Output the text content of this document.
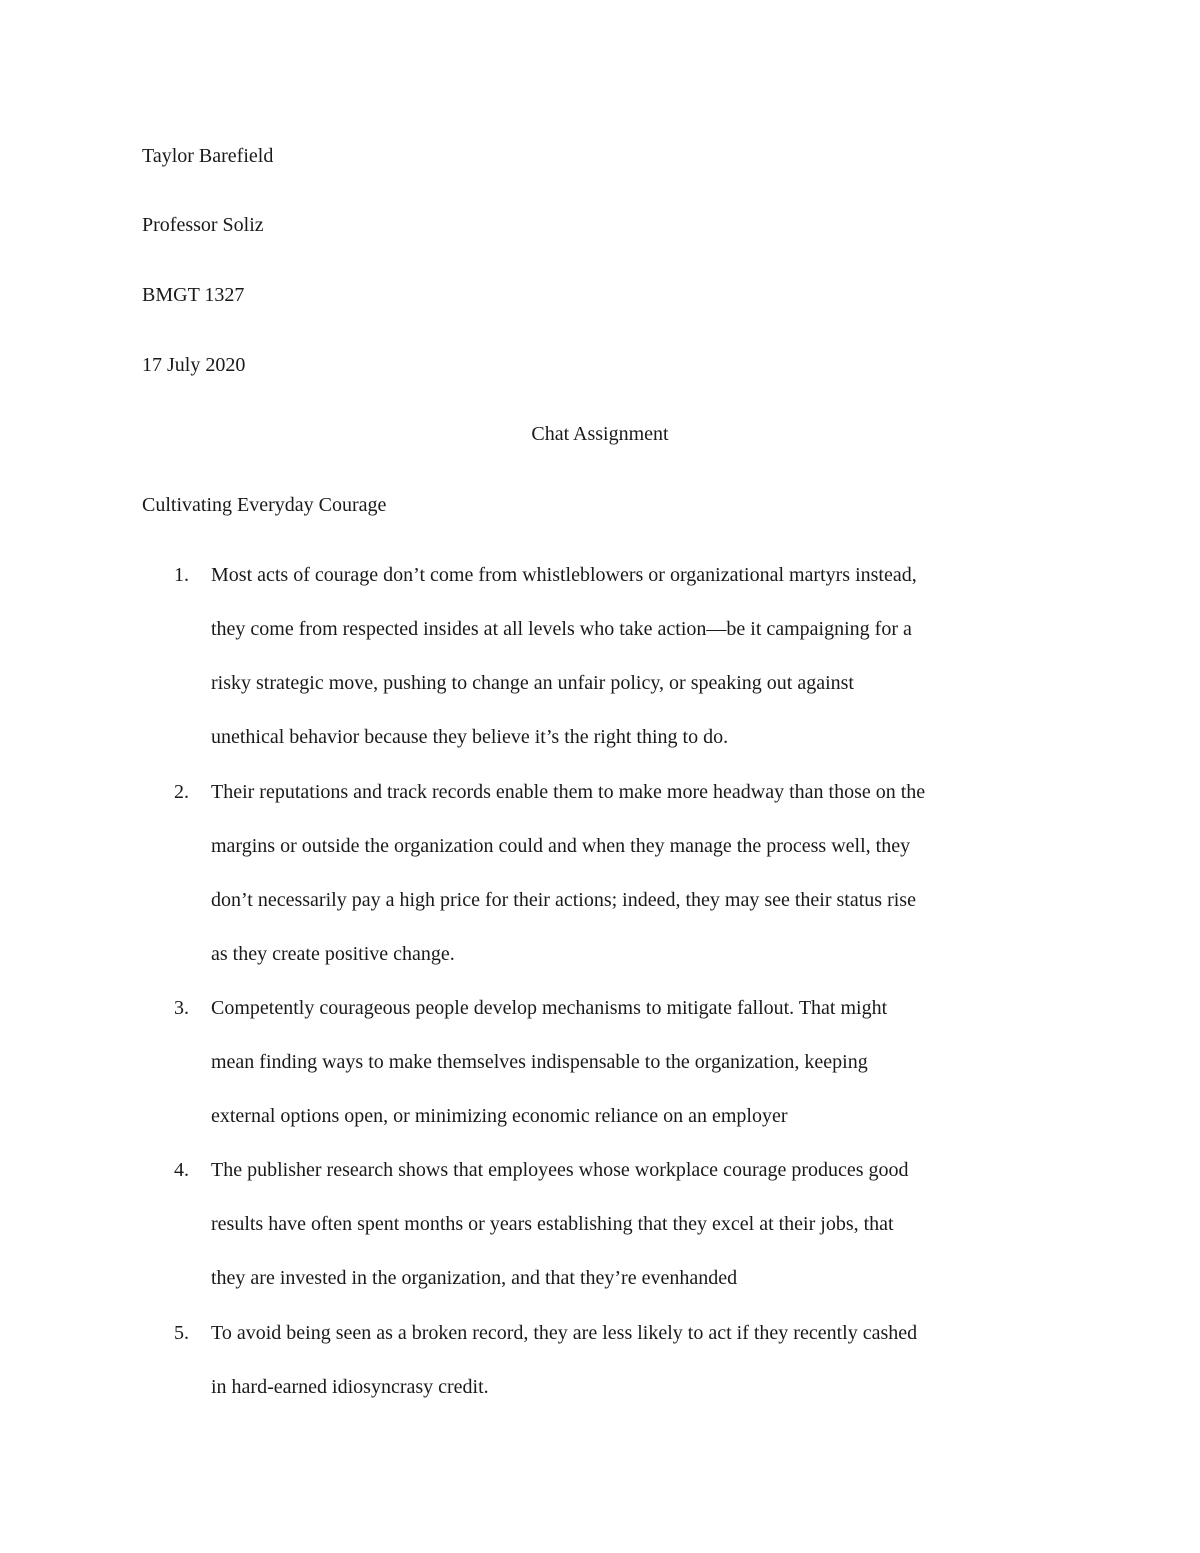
Taylor Barefield

Professor Soliz

BMGT 1327

17 July 2020

Chat Assignment

Cultivating Everyday Courage

1. Most acts of courage don’t come from whistleblowers or organizational martyrs instead,
they come from respected insides at all levels who take action—be it campaigning for a
risky strategic move, pushing to change an unfair policy, or speaking out against
unethical behavior because they believe it’s the right thing to do.
2. Their reputations and track records enable them to make more headway than those on the
margins or outside the organization could and when they manage the process well, they
don’t necessarily pay a high price for their actions; indeed, they may see their status rise
as they create positive change.
3. Competently courageous people develop mechanisms to mitigate fallout. That might
mean finding ways to make themselves indispensable to the organization, keeping
external options open, or minimizing economic reliance on an employer
4. The publisher research shows that employees whose workplace courage produces good
results have often spent months or years establishing that they excel at their jobs, that
they are invested in the organization, and that they’re evenhanded
5. To avoid being seen as a broken record, they are less likely to act if they recently cashed
in hard-earned idiosyncrasy credit.
